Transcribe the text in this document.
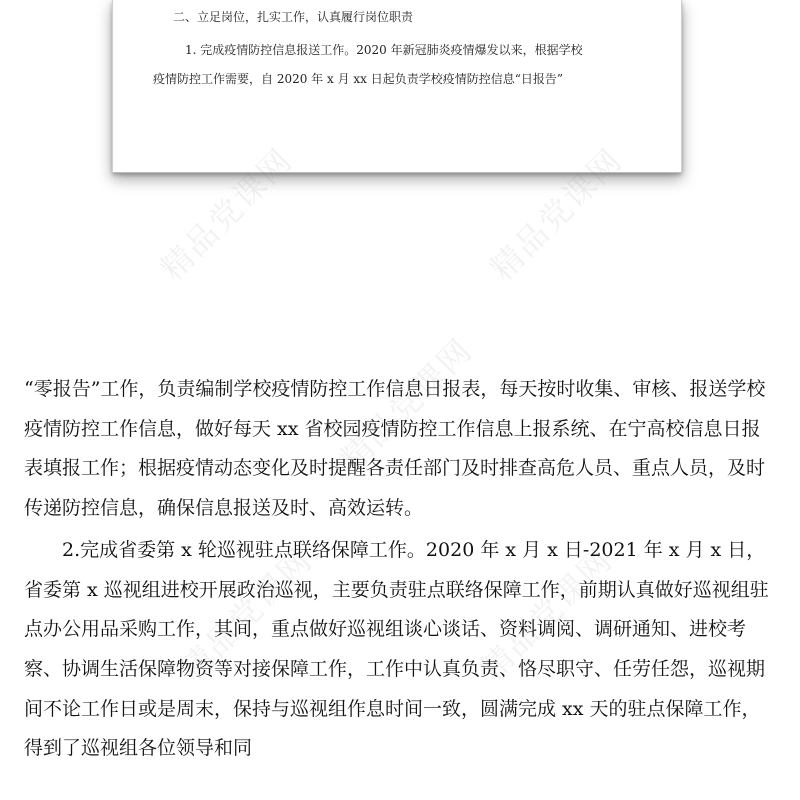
二、立足岗位，扎实工作，认真履行岗位职责
1. 完成疫情防控信息报送工作。2020 年新冠肺炎疫情爆发以来，根据学校
疫情防控工作需要，自 2020 年 x 月 xx 日起负责学校疫情防控信息“日报告”
精品党课网	精品党课网
精品党课网
精品党课网	精品党课网

“零报告”工作，负责编制学校疫情防控工作信息日报表，每天按时收集、审核、报送学校疫情防控工作信息，做好每天 xx 省校园疫情防控工作信息上报系统、在宁高校信息日报表填报工作；根据疫情动态变化及时提醒各责任部门及时排查高危人员、重点人员，及时传递防控信息，确保信息报送及时、高效运转。

2.完成省委第 x 轮巡视驻点联络保障工作。2020 年 x 月 x 日-2021 年 x 月 x 日，省委第 x 巡视组进校开展政治巡视，主要负责驻点联络保障工作，前期认真做好巡视组驻点办公用品采购工作，其间，重点做好巡视组谈心谈话、资料调阅、调研通知、进校考察、协调生活保障物资等对接保障工作，工作中认真负责、恪尽职守、任劳任怨，巡视期间不论工作日或是周末，保持与巡视组作息时间一致，圆满完成 xx 天的驻点保障工作，得到了巡视组各位领导和同
